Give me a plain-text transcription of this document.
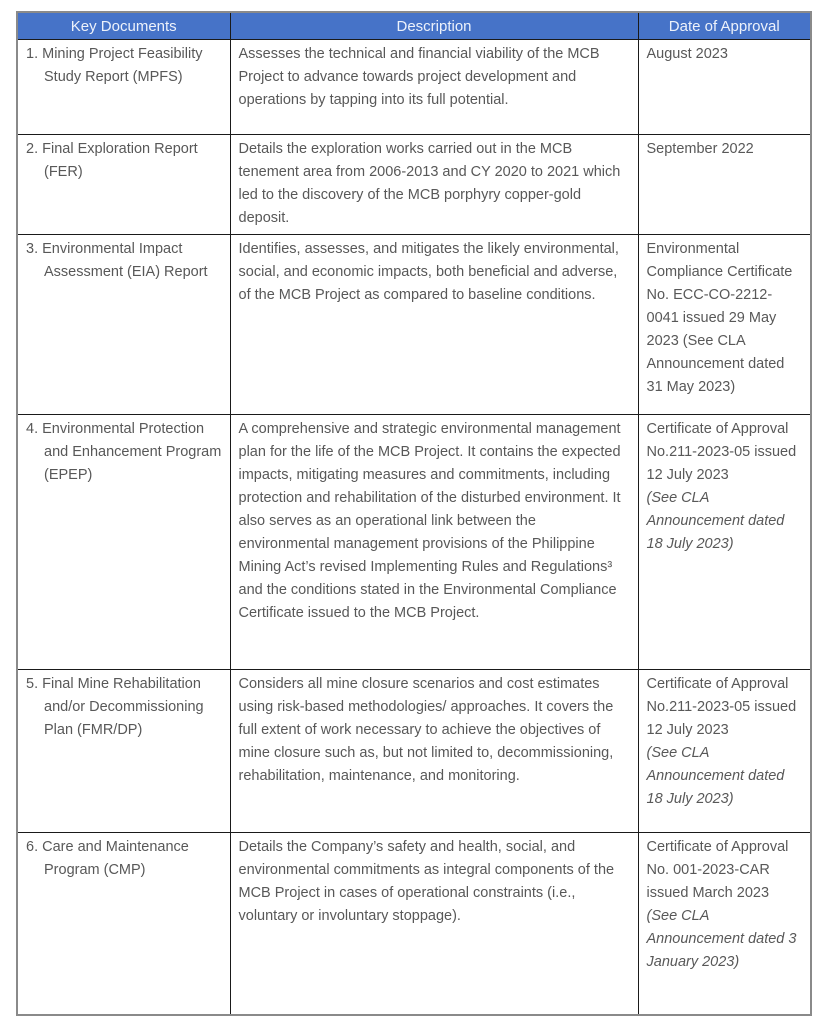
Key Documents	Description	Date of Approval

1. Mining Project Feasibility Study Report (MPFS)	Assesses the technical and financial viability of the MCB Project to advance towards project development and operations by tapping into its full potential.	August 2023

2. Final Exploration Report (FER)	Details the exploration works carried out in the MCB tenement area from 2006-2013 and CY 2020 to 2021 which led to the discovery of the MCB porphyry copper-gold deposit.	September 2022

3. Environmental Impact Assessment (EIA) Report	Identifies, assesses, and mitigates the likely environmental, social, and economic impacts, both beneficial and adverse, of the MCB Project as compared to baseline conditions.	Environmental Compliance Certificate No. ECC-CO-2212-0041 issued 29 May 2023 (See CLA Announcement dated 31 May 2023)

4. Environmental Protection and Enhancement Program (EPEP)	A comprehensive and strategic environmental management plan for the life of the MCB Project. It contains the expected impacts, mitigating measures and commitments, including protection and rehabilitation of the disturbed environment. It also serves as an operational link between the environmental management provisions of the Philippine Mining Act’s revised Implementing Rules and Regulations³ and the conditions stated in the Environmental Compliance Certificate issued to the MCB Project.	Certificate of Approval No.211-2023-05 issued 12 July 2023
(See CLA Announcement dated 18 July 2023)

5. Final Mine Rehabilitation and/or Decommissioning Plan (FMR/DP)	Considers all mine closure scenarios and cost estimates using risk-based methodologies/ approaches. It covers the full extent of work necessary to achieve the objectives of mine closure such as, but not limited to, decommissioning, rehabilitation, maintenance, and monitoring.	Certificate of Approval No.211-2023-05 issued 12 July 2023
(See CLA Announcement dated 18 July 2023)

6. Care and Maintenance Program (CMP)	Details the Company’s safety and health, social, and environmental commitments as integral components of the MCB Project in cases of operational constraints (i.e., voluntary or involuntary stoppage).	Certificate of Approval No. 001-2023-CAR issued March 2023
(See CLA Announcement dated 3 January 2023)
